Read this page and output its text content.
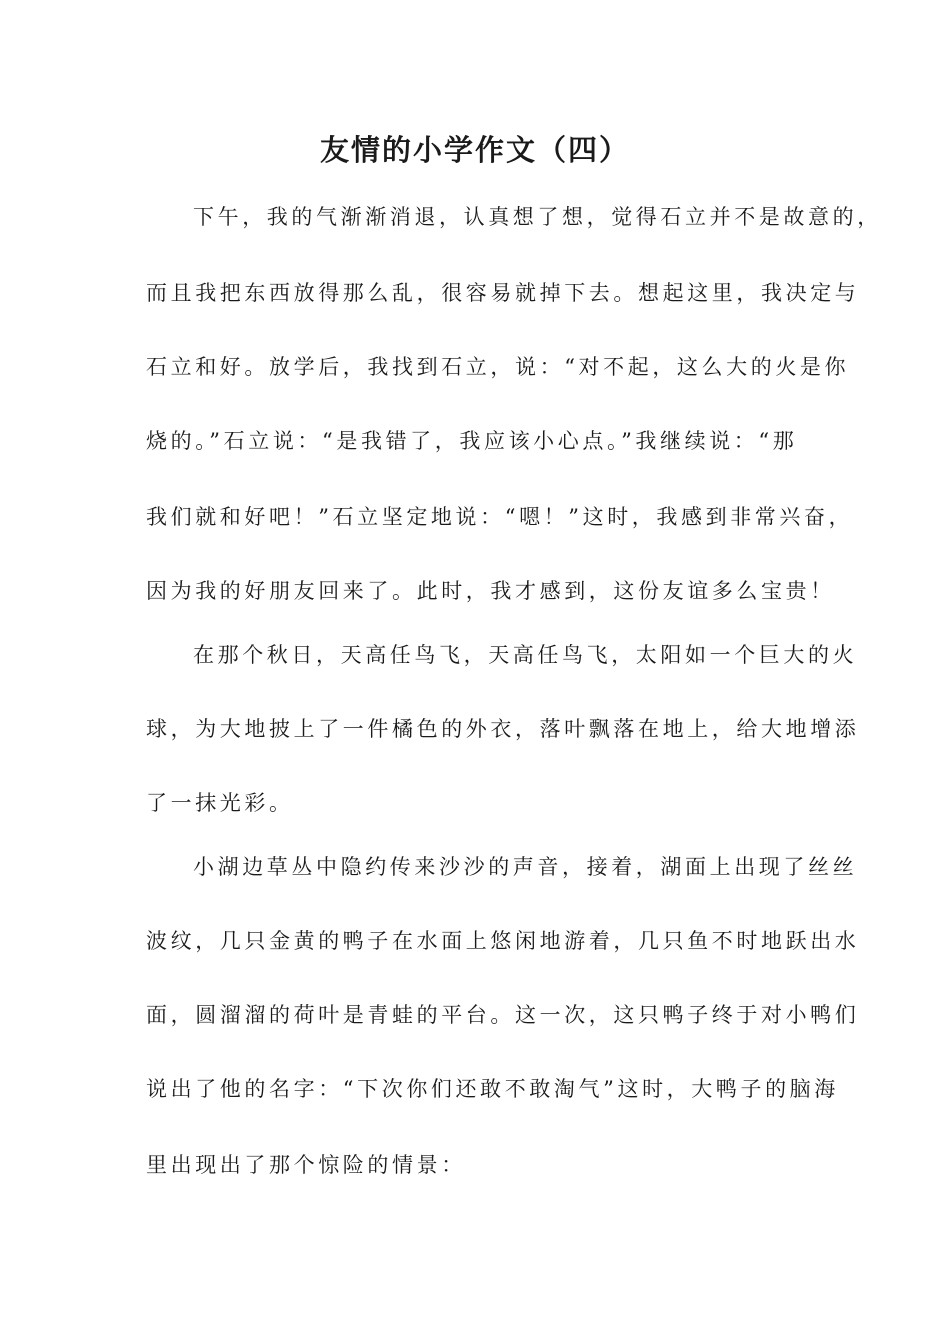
友情的小学作文（四）
下午，我的气渐渐消退，认真想了想，觉得石立并不是故意的，
而且我把东西放得那么乱，很容易就掉下去。想起这里，我决定与
石立和好。放学后，我找到石立，说：“对不起，这么大的火是你
烧的。”石立说：“是我错了，我应该小心点。”我继续说：“那
我们就和好吧！”石立坚定地说：“嗯！”这时，我感到非常兴奋，
因为我的好朋友回来了。此时，我才感到，这份友谊多么宝贵！
在那个秋日，天高任鸟飞，天高任鸟飞，太阳如一个巨大的火
球，为大地披上了一件橘色的外衣，落叶飘落在地上，给大地增添
了一抹光彩。
小湖边草丛中隐约传来沙沙的声音，接着，湖面上出现了丝丝
波纹，几只金黄的鸭子在水面上悠闲地游着，几只鱼不时地跃出水
面，圆溜溜的荷叶是青蛙的平台。这一次，这只鸭子终于对小鸭们
说出了他的名字：“下次你们还敢不敢淘气”这时，大鸭子的脑海
里出现出了那个惊险的情景：
